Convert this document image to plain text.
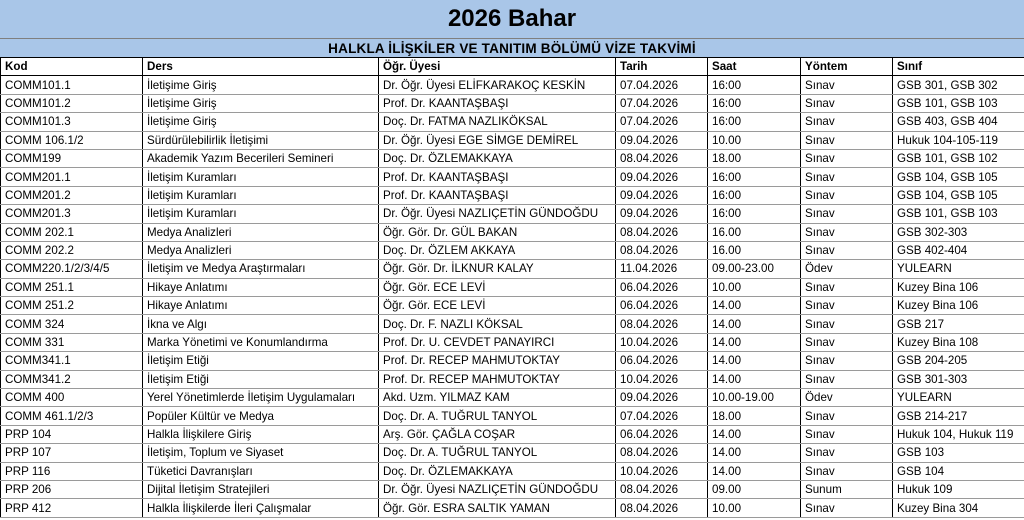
2026 Bahar
HALKLA İLİŞKİLER VE TANITIM BÖLÜMÜ VİZE TAKVİMİ
Kod	Ders	Öğr. Üyesi	Tarih	Saat	Yöntem	Sınıf
COMM101.1	İletişime Giriş	Dr. Öğr. Üyesi ELİFKARAKOÇ KESKİN	07.04.2026	16:00	Sınav	GSB 301, GSB 302
COMM101.2	İletişime Giriş	Prof. Dr. KAANTAŞBAŞI	07.04.2026	16:00	Sınav	GSB 101, GSB 103
COMM101.3	İletişime Giriş	Doç. Dr. FATMA NAZLIKÖKSAL	07.04.2026	16:00	Sınav	GSB 403, GSB 404
COMM 106.1/2	Sürdürülebilirlik İletişimi	Dr. Öğr. Üyesi EGE SİMGE DEMİREL	09.04.2026	10.00	Sınav	Hukuk 104-105-119
COMM199	Akademik Yazım Becerileri Semineri	Doç. Dr. ÖZLEMAKKAYA	08.04.2026	18.00	Sınav	GSB 101, GSB 102
COMM201.1	İletişim Kuramları	Prof. Dr. KAANTAŞBAŞI	09.04.2026	16:00	Sınav	GSB 104, GSB 105
COMM201.2	İletişim Kuramları	Prof. Dr. KAANTAŞBAŞI	09.04.2026	16:00	Sınav	GSB 104, GSB 105
COMM201.3	İletişim Kuramları	Dr. Öğr. Üyesi NAZLIÇETİN GÜNDOĞDU	09.04.2026	16:00	Sınav	GSB 101, GSB 103
COMM 202.1	Medya Analizleri	Öğr. Gör. Dr. GÜL BAKAN	08.04.2026	16.00	Sınav	GSB 302-303
COMM 202.2	Medya Analizleri	Doç. Dr. ÖZLEM AKKAYA	08.04.2026	16.00	Sınav	GSB 402-404
COMM220.1/2/3/4/5	İletişim ve Medya Araştırmaları	Öğr. Gör. Dr. İLKNUR KALAY	11.04.2026	09.00-23.00	Ödev	YULEARN
COMM 251.1	Hikaye Anlatımı	Öğr. Gör. ECE LEVİ	06.04.2026	10.00	Sınav	Kuzey Bina 106
COMM 251.2	Hikaye Anlatımı	Öğr. Gör. ECE LEVİ	06.04.2026	14.00	Sınav	Kuzey Bina 106
COMM 324	İkna ve Algı	Doç. Dr. F. NAZLI KÖKSAL	08.04.2026	14.00	Sınav	GSB 217
COMM 331	Marka Yönetimi ve Konumlandırma	Prof. Dr. U. CEVDET PANAYIRCI	10.04.2026	14.00	Sınav	Kuzey Bina 108
COMM341.1	İletişim Etiği	Prof. Dr. RECEP MAHMUTOKTAY	06.04.2026	14.00	Sınav	GSB 204-205
COMM341.2	İletişim Etiği	Prof. Dr. RECEP MAHMUTOKTAY	10.04.2026	14.00	Sınav	GSB 301-303
COMM 400	Yerel Yönetimlerde İletişim Uygulamaları	Akd. Uzm. YILMAZ KAM	09.04.2026	10.00-19.00	Ödev	YULEARN
COMM 461.1/2/3	Popüler Kültür ve Medya	Doç. Dr. A. TUĞRUL TANYOL	07.04.2026	18.00	Sınav	GSB 214-217
PRP 104	Halkla İlişkilere Giriş	Arş. Gör. ÇAĞLA COŞAR	06.04.2026	14.00	Sınav	Hukuk 104, Hukuk 119
PRP 107	İletişim, Toplum ve Siyaset	Doç. Dr. A. TUĞRUL TANYOL	08.04.2026	14.00	Sınav	GSB 103
PRP 116	Tüketici Davranışları	Doç. Dr. ÖZLEMAKKAYA	10.04.2026	14.00	Sınav	GSB 104
PRP 206	Dijital İletişim Stratejileri	Dr. Öğr. Üyesi NAZLIÇETİN GÜNDOĞDU	08.04.2026	09.00	Sunum	Hukuk 109
PRP 412	Halkla İlişkilerde İleri Çalışmalar	Öğr. Gör. ESRA SALTIK YAMAN	08.04.2026	10.00	Sınav	Kuzey Bina 304
